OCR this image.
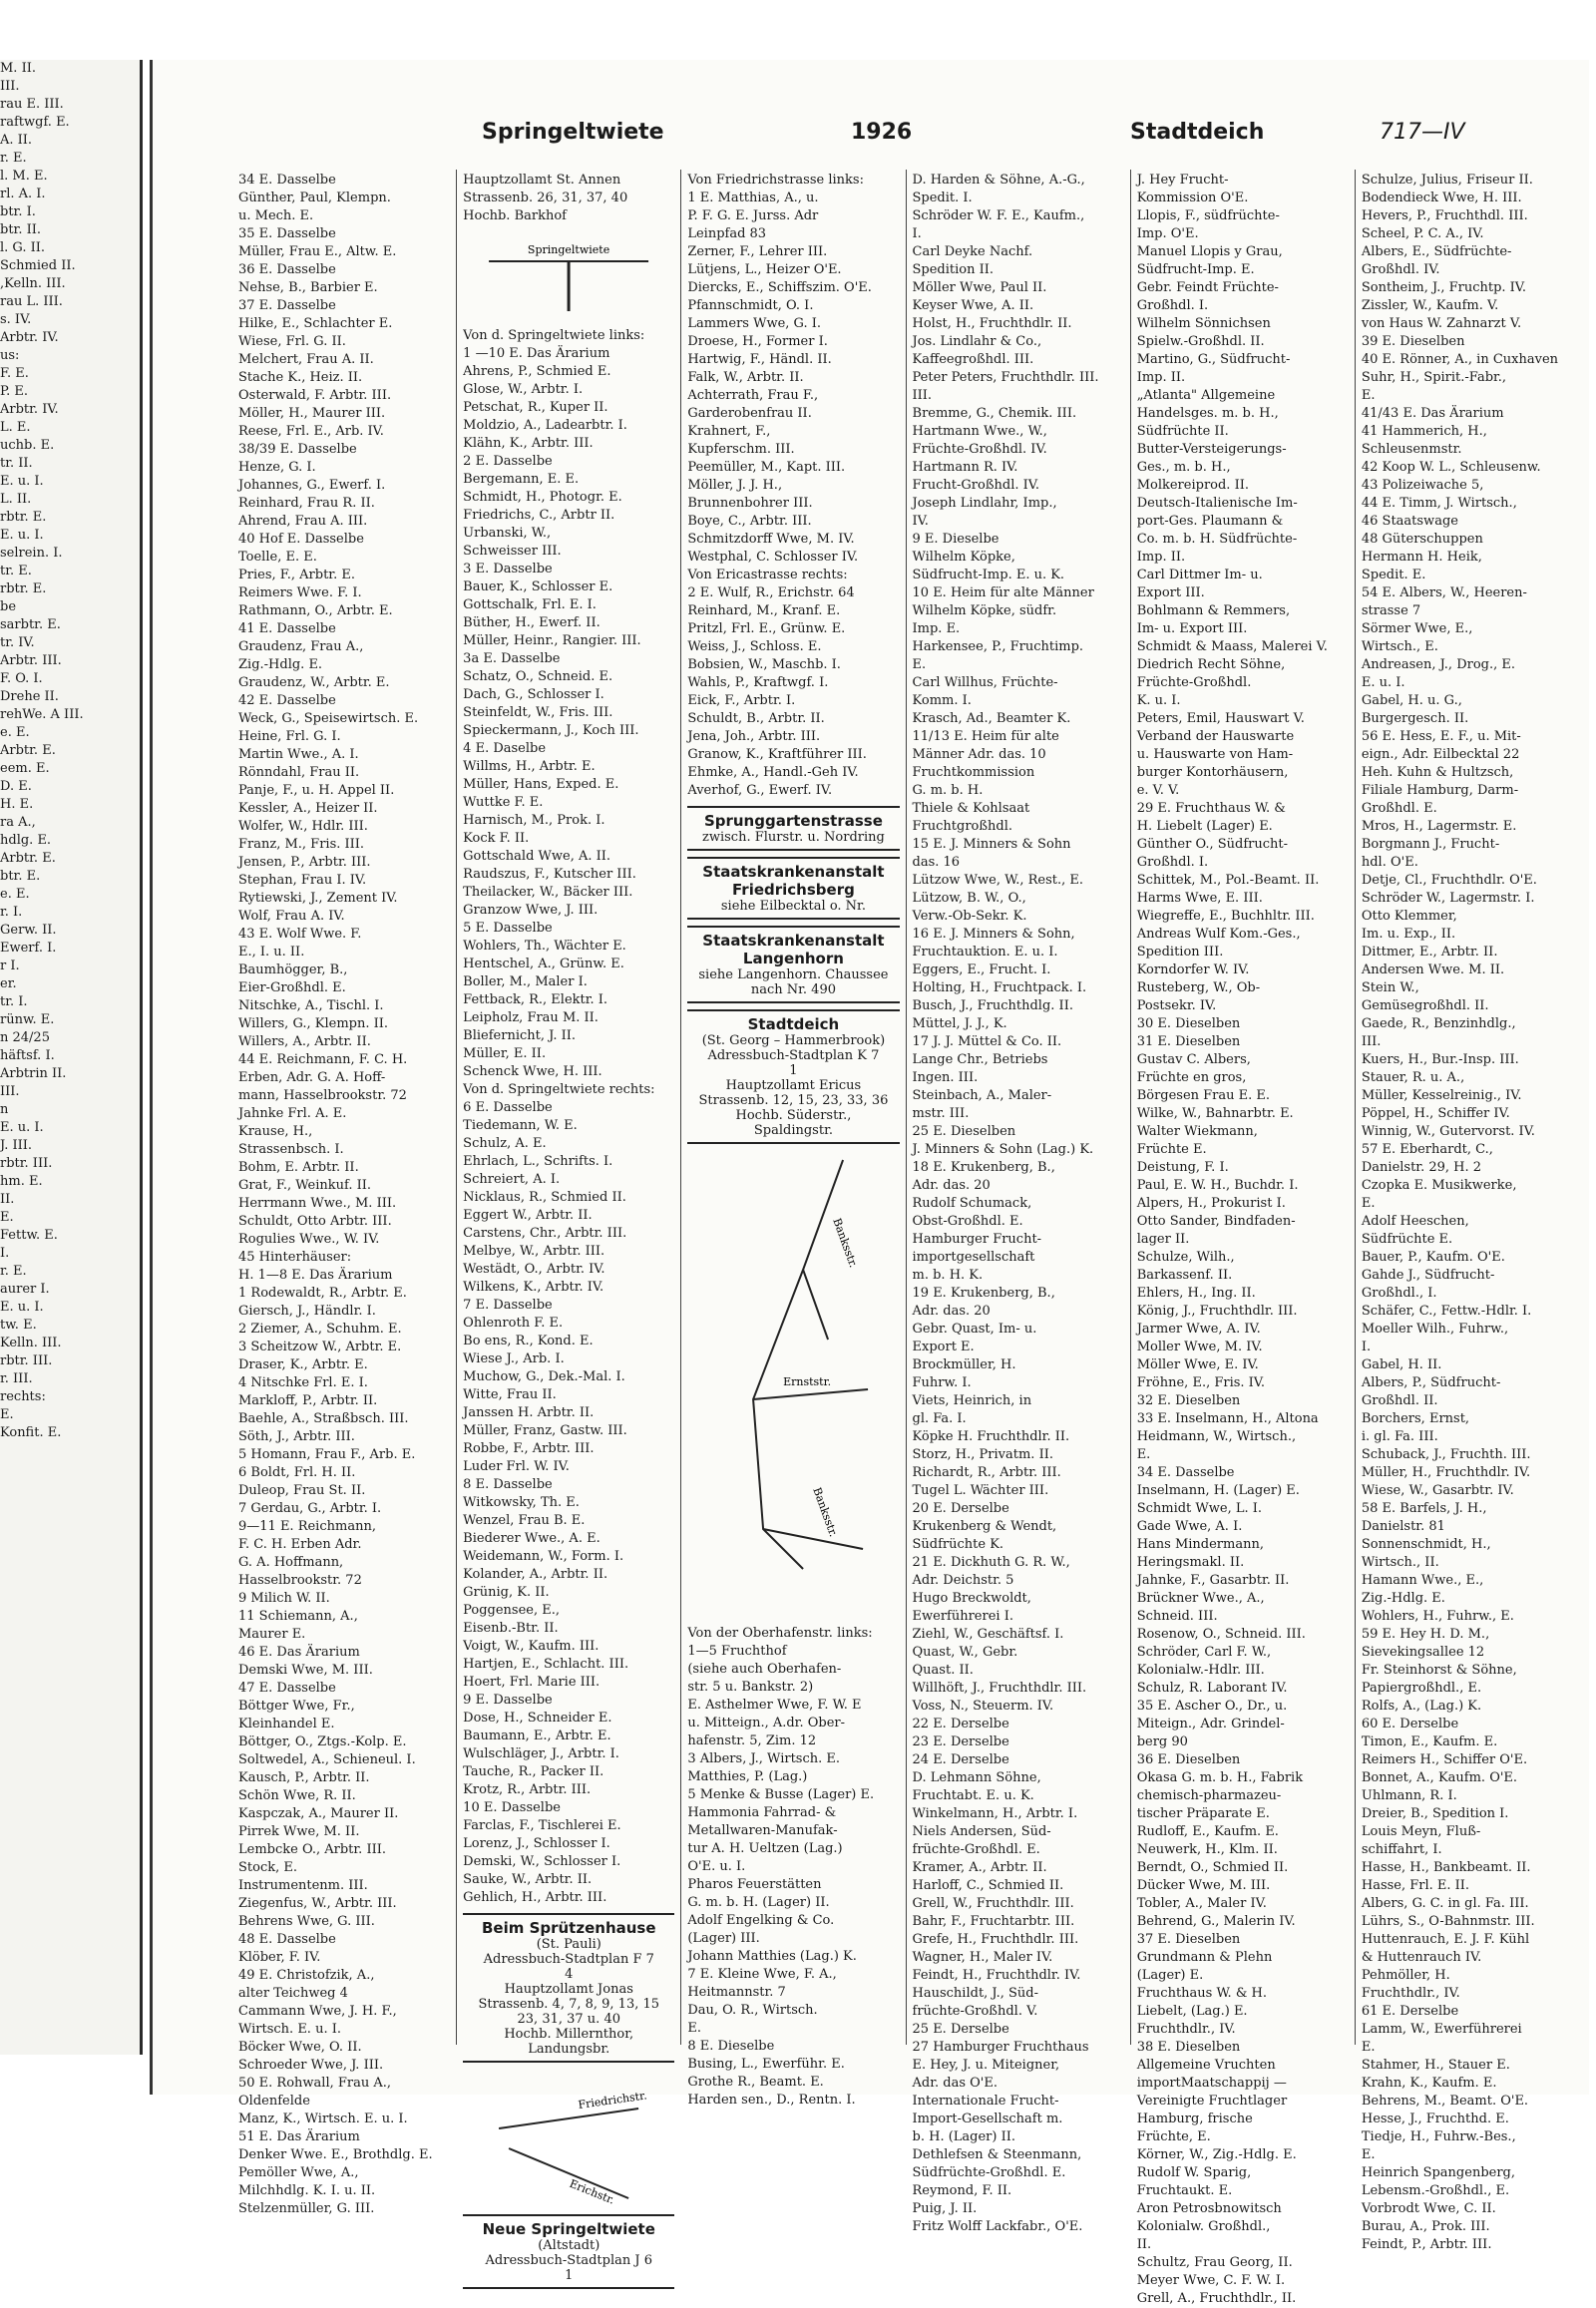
M. II.
III.
rau E. III.
raftwgf. E.
A. II.
r. E.
l. M. E.
rl. A. I.
btr. I.
btr. II.
l. G. II.
Schmied II.
,Kelln. III.
rau L. III.
s. IV.
Arbtr. IV.
us:
F. E.
P. E.
Arbtr. IV.
L. E.
uchb. E.
tr. II.
E. u. I.
L. II.
rbtr. E.
E. u. I.
selrein. I.
tr. E.
rbtr. E.
be
sarbtr. E.
tr. IV.
Arbtr. III.
F. O. I.
Drehe II.
rehWe. A III.
e. E.
Arbtr. E.
eem. E.
D. E.
H. E.
ra A.,
hdlg. E.
Arbtr. E.
btr. E.
e. E.
r. I.
Gerw. II.
Ewerf. I.
r I.
er.
tr. I.
rünw. E.
n 24/25
häftsf. I.
Arbtrin II.
III.
n
E. u. I.
J. III.
rbtr. III.
hm. E.
II.
E.
Fettw. E.
I.
r. E.
aurer I.
E. u. I.
tw. E.
Kelln. III.
rbtr. III.
r. III.
rechts:
E.
Konfit. E.
Springeltwiete	1926	Stadtdeich	717—IV
34 E. Dasselbe
Günther, Paul, Klempn.
u. Mech. E.
35 E. Dasselbe
Müller, Frau E., Altw. E.
36 E. Dasselbe
Nehse, B., Barbier E.
37 E. Dasselbe
Hilke, E., Schlachter E.
Wiese, Frl. G. II.
Melchert, Frau A. II.
Stache K., Heiz. II.
Osterwald, F. Arbtr. III.
Möller, H., Maurer III.
Reese, Frl. E., Arb. IV.
38/39 E. Dasselbe
Henze, G. I.
Johannes, G., Ewerf. I.
Reinhard, Frau R. II.
Ahrend, Frau A. III.
40 Hof E. Dasselbe
Toelle, E. E.
Pries, F., Arbtr. E.
Reimers Wwe. F. I.
Rathmann, O., Arbtr. E.
41 E. Dasselbe
Graudenz, Frau A.,
Zig.-Hdlg. E.
Graudenz, W., Arbtr. E.
42 E. Dasselbe
Weck, G., Speisewirtsch. E.
Heine, Frl. G. I.
Martin Wwe., A. I.
Rönndahl, Frau II.
Panje, F., u. H. Appel II.
Kessler, A., Heizer II.
Wolfer, W., Hdlr. III.
Franz, M., Fris. III.
Jensen, P., Arbtr. III.
Stephan, Frau I. IV.
Rytiewski, J., Zement IV.
Wolf, Frau A. IV.
43 E. Wolf Wwe. F.
E., I. u. II.
Baumhögger, B.,
Eier-Großhdl. E.
Nitschke, A., Tischl. I.
Willers, G., Klempn. II.
Willers, A., Arbtr. II.
44 E. Reichmann, F. C. H.
Erben, Adr. G. A. Hoff-
mann, Hasselbrookstr. 72
Jahnke Frl. A. E.
Krause, H.,
Strassenbsch. I.
Bohm, E. Arbtr. II.
Grat, F., Weinkuf. II.
Herrmann Wwe., M. III.
Schuldt, Otto Arbtr. III.
Rogulies Wwe., W. IV.
45 Hinterhäuser:
H. 1—8 E. Das Ärarium
1 Rodewaldt, R., Arbtr. E.
Giersch, J., Händlr. I.
2 Ziemer, A., Schuhm. E.
3 Scheitzow W., Arbtr. E.
Draser, K., Arbtr. E.
4 Nitschke Frl. E. I.
Markloff, P., Arbtr. II.
Baehle, A., Straßbsch. III.
Söth, J., Arbtr. III.
5 Homann, Frau F., Arb. E.
6 Boldt, Frl. H. II.
Duleop, Frau St. II.
7 Gerdau, G., Arbtr. I.
9—11 E. Reichmann,
F. C. H. Erben Adr.
G. A. Hoffmann,
Hasselbrookstr. 72
9 Milich W. II.
11 Schiemann, A.,
Maurer E.
46 E. Das Ärarium
Demski Wwe, M. III.
47 E. Dasselbe
Böttger Wwe, Fr.,
Kleinhandel E.
Böttger, O., Ztgs.-Kolp. E.
Soltwedel, A., Schieneul. I.
Kausch, P., Arbtr. II.
Schön Wwe, R. II.
Kaspczak, A., Maurer II.
Pirrek Wwe, M. II.
Lembcke O., Arbtr. III.
Stock, E.
Instrumentenm. III.
Ziegenfus, W., Arbtr. III.
Behrens Wwe, G. III.
48 E. Dasselbe
Klöber, F. IV.
49 E. Christofzik, A.,
alter Teichweg 4
Cammann Wwe, J. H. F.,
Wirtsch. E. u. I.
Böcker Wwe, O. II.
Schroeder Wwe, J. III.
50 E. Rohwall, Frau A.,
Oldenfelde
Manz, K., Wirtsch. E. u. I.
51 E. Das Ärarium
Denker Wwe. E., Brothdlg. E.
Pemöller Wwe, A.,
Milchhdlg. K. I. u. II.
Stelzenmüller, G. III.
Hauptzollamt St. Annen
Strassenb. 26, 31, 37, 40
Hochb. Barkhof
Springeltwiete
Von d. Springeltwiete links:
1 —10 E. Das Ärarium
Ahrens, P., Schmied E.
Glose, W., Arbtr. I.
Petschat, R., Kuper II.
Moldzio, A., Ladearbtr. I.
Klähn, K., Arbtr. III.
2 E. Dasselbe
Bergemann, E. E.
Schmidt, H., Photogr. E.
Friedrichs, C., Arbtr II.
Urbanski, W.,
Schweisser III.
3 E. Dasselbe
Bauer, K., Schlosser E.
Gottschalk, Frl. E. I.
Büther, H., Ewerf. II.
Müller, Heinr., Rangier. III.
3a E. Dasselbe
Schatz, O., Schneid. E.
Dach, G., Schlosser I.
Steinfeldt, W., Fris. III.
Spieckermann, J., Koch III.
4 E. Daselbe
Willms, H., Arbtr. E.
Müller, Hans, Exped. E.
Wuttke F. E.
Harnisch, M., Prok. I.
Kock F. II.
Gottschald Wwe, A. II.
Raudszus, F., Kutscher III.
Theilacker, W., Bäcker III.
Granzow Wwe, J. III.
5 E. Dasselbe
Wohlers, Th., Wächter E.
Hentschel, A., Grünw. E.
Boller, M., Maler I.
Fettback, R., Elektr. I.
Leipholz, Frau M. II.
Bliefernicht, J. II.
Müller, E. II.
Schenck Wwe, H. III.
Von d. Springeltwiete rechts:
6 E. Dasselbe
Tiedemann, W. E.
Schulz, A. E.
Ehrlach, L., Schrifts. I.
Schreiert, A. I.
Nicklaus, R., Schmied II.
Eggert W., Arbtr. II.
Carstens, Chr., Arbtr. III.
Melbye, W., Arbtr. III.
Westädt, O., Arbtr. IV.
Wilkens, K., Arbtr. IV.
7 E. Dasselbe
Ohlenroth F. E.
Bo ens, R., Kond. E.
Wiese J., Arb. I.
Muchow, G., Dek.-Mal. I.
Witte, Frau II.
Janssen H. Arbtr. II.
Müller, Franz, Gastw. III.
Robbe, F., Arbtr. III.
Luder Frl. W. IV.
8 E. Dasselbe
Witkowsky, Th. E.
Wenzel, Frau B. E.
Biederer Wwe., A. E.
Weidemann, W., Form. I.
Kolander, A., Arbtr. II.
Grünig, K. II.
Poggensee, E.,
Eisenb.-Btr. II.
Voigt, W., Kaufm. III.
Hartjen, E., Schlacht. III.
Hoert, Frl. Marie III.
9 E. Dasselbe
Dose, H., Schneider E.
Baumann, E., Arbtr. E.
Wulschläger, J., Arbtr. I.
Tauche, R., Packer II.
Krotz, R., Arbtr. III.
10 E. Dasselbe
Farclas, F., Tischlerei E.
Lorenz, J., Schlosser I.
Demski, W., Schlosser I.
Sauke, W., Arbtr. II.
Gehlich, H., Arbtr. III.
Beim Sprützenhause
(St. Pauli)
Adressbuch-Stadtplan F 7
4
Hauptzollamt Jonas
Strassenb. 4, 7, 8, 9, 13, 15
23, 31, 37 u. 40
Hochb. Millernthor,
Landungsbr.
Friedrichstr.
Erichstr.
Neue Springeltwiete
(Altstadt)
Adressbuch-Stadtplan J 6
1
Von Friedrichstrasse links:
1 E. Matthias, A., u.
P. F. G. E. Jurss. Adr
Leinpfad 83
Zerner, F., Lehrer III.
Lütjens, L., Heizer O'E.
Diercks, E., Schiffszim. O'E.
Pfannschmidt, O. I.
Lammers Wwe, G. I.
Droese, H., Former I.
Hartwig, F., Händl. II.
Falk, W., Arbtr. II.
Achterrath, Frau F.,
Garderobenfrau II.
Krahnert, F.,
Kupferschm. III.
Peemüller, M., Kapt. III.
Möller, J. J. H.,
Brunnenbohrer III.
Boye, C., Arbtr. III.
Schmitzdorff Wwe, M. IV.
Westphal, C. Schlosser IV.
Von Ericastrasse rechts:
2 E. Wulf, R., Erichstr. 64
Reinhard, M., Kranf. E.
Pritzl, Frl. E., Grünw. E.
Weiss, J., Schloss. E.
Bobsien, W., Maschb. I.
Wahls, P., Kraftwgf. I.
Eick, F., Arbtr. I.
Schuldt, B., Arbtr. II.
Jena, Joh., Arbtr. III.
Granow, K., Kraftführer III.
Ehmke, A., Handl.-Geh IV.
Averhof, G., Ewerf. IV.
Sprunggartenstrasse
zwisch. Flurstr. u. Nordring
Staatskrankenanstalt Friedrichsberg
siehe Eilbecktal o. Nr.
Staatskrankenanstalt Langenhorn
siehe Langenhorn. Chaussee
nach Nr. 490
Stadtdeich
(St. Georg – Hammerbrook)
Adressbuch-Stadtplan K 7
1
Hauptzollamt Ericus
Strassenb. 12, 15, 23, 33, 36
Hochb. Süderstr.,
Spaldingstr.
Banksstr.
Ernststr.
Banksstr.
Von der Oberhafenstr. links:
1—5 Fruchthof
(siehe auch Oberhafen-
str. 5 u. Bankstr. 2)
E. Asthelmer Wwe, F. W. E
u. Mitteign., A.dr. Ober-
hafenstr. 5, Zim. 12
3 Albers, J., Wirtsch. E.
Matthies, P. (Lag.)
5 Menke & Busse (Lager) E.
Hammonia Fahrrad- &
Metallwaren-Manufak-
tur A. H. Ueltzen (Lag.)
O'E. u. I.
Pharos Feuerstätten
G. m. b. H. (Lager) II.
Adolf Engelking & Co.
(Lager) III.
Johann Matthies (Lag.) K.
7 E. Kleine Wwe, F. A.,
Heitmannstr. 7
Dau, O. R., Wirtsch.
E.
8 E. Dieselbe
Busing, L., Ewerführ. E.
Grothe R., Beamt. E.
Harden sen., D., Rentn. I.
D. Harden & Söhne, A.-G.,
Spedit. I.
Schröder W. F. E., Kaufm.,
I.
Carl Deyke Nachf.
Spedition II.
Möller Wwe, Paul II.
Keyser Wwe, A. II.
Holst, H., Fruchthdlr. II.
Jos. Lindlahr & Co.,
Kaffeegroßhdl. III.
Peter Peters, Fruchthdlr. III.
III.
Bremme, G., Chemik. III.
Hartmann Wwe., W.,
Früchte-Großhdl. IV.
Hartmann R. IV.
Frucht-Großhdl. IV.
Joseph Lindlahr, Imp.,
IV.
9 E. Dieselbe
Wilhelm Köpke,
Südfrucht-Imp. E. u. K.
10 E. Heim für alte Männer
Wilhelm Köpke, südfr.
Imp. E.
Harkensee, P., Fruchtimp.
E.
Carl Willhus, Früchte-
Komm. I.
Krasch, Ad., Beamter K.
11/13 E. Heim für alte
Männer Adr. das. 10
Fruchtkommission
G. m. b. H.
Thiele & Kohlsaat
Fruchtgroßhdl.
15 E. J. Minners & Sohn
das. 16
Lützow Wwe, W., Rest., E.
Lützow, B. W., O.,
Verw.-Ob-Sekr. K.
16 E. J. Minners & Sohn,
Fruchtauktion. E. u. I.
Eggers, E., Frucht. I.
Holting, H., Fruchtpack. I.
Busch, J., Fruchthdlg. II.
Müttel, J. J., K.
17 J. J. Müttel & Co. II.
Lange Chr., Betriebs
Ingen. III.
Steinbach, A., Maler-
mstr. III.
25 E. Dieselben
J. Minners & Sohn (Lag.) K.
18 E. Krukenberg, B.,
Adr. das. 20
Rudolf Schumack,
Obst-Großhdl. E.
Hamburger Frucht-
importgesellschaft
m. b. H. K.
19 E. Krukenberg, B.,
Adr. das. 20
Gebr. Quast, Im- u.
Export E.
Brockmüller, H.
Fuhrw. I.
Viets, Heinrich, in
gl. Fa. I.
Köpke H. Fruchthdlr. II.
Storz, H., Privatm. II.
Richardt, R., Arbtr. III.
Tugel L. Wächter III.
20 E. Derselbe
Krukenberg & Wendt,
Südfrüchte K.
21 E. Dickhuth G. R. W.,
Adr. Deichstr. 5
Hugo Breckwoldt,
Ewerführerei I.
Ziehl, W., Geschäftsf. I.
Quast, W., Gebr.
Quast. II.
Willhöft, J., Fruchthdlr. III.
Voss, N., Steuerm. IV.
22 E. Derselbe
23 E. Derselbe
24 E. Derselbe
D. Lehmann Söhne,
Fruchtabt. E. u. K.
Winkelmann, H., Arbtr. I.
Niels Andersen, Süd-
früchte-Großhdl. E.
Kramer, A., Arbtr. II.
Harloff, C., Schmied II.
Grell, W., Fruchthdlr. III.
Bahr, F., Fruchtarbtr. III.
Grefe, H., Fruchthdlr. III.
Wagner, H., Maler IV.
Feindt, H., Fruchthdlr. IV.
Hauschildt, J., Süd-
früchte-Großhdl. V.
25 E. Derselbe
27 Hamburger Fruchthaus
E. Hey, J. u. Miteigner,
Adr. das O'E.
Internationale Frucht-
Import-Gesellschaft m.
b. H. (Lager) II.
Dethlefsen & Steenmann,
Südfrüchte-Großhdl. E.
Reymond, F. II.
Puig, J. II.
Fritz Wolff Lackfabr., O'E.
J. Hey Frucht-
Kommission O'E.
Llopis, F., südfrüchte-
Imp. O'E.
Manuel Llopis y Grau,
Südfrucht-Imp. E.
Gebr. Feindt Früchte-
Großhdl. I.
Wilhelm Sönnichsen
Spielw.-Großhdl. II.
Martino, G., Südfrucht-
Imp. II.
„Atlanta" Allgemeine
Handelsges. m. b. H.,
Südfrüchte II.
Butter-Versteigerungs-
Ges., m. b. H.,
Molkereiprod. II.
Deutsch-Italienische Im-
port-Ges. Plaumann &
Co. m. b. H. Südfrüchte-
Imp. II.
Carl Dittmer Im- u.
Export III.
Bohlmann & Remmers,
Im- u. Export III.
Schmidt & Maass, Malerei V.
Diedrich Recht Söhne,
Früchte-Großhdl.
K. u. I.
Peters, Emil, Hauswart V.
Verband der Hauswarte
u. Hauswarte von Ham-
burger Kontorhäusern,
e. V. V.
29 E. Fruchthaus W. &
H. Liebelt (Lager) E.
Günther O., Südfrucht-
Großhdl. I.
Schittek, M., Pol.-Beamt. II.
Harms Wwe, E. III.
Wiegreffe, E., Buchhltr. III.
Andreas Wulf Kom.-Ges.,
Spedition III.
Korndorfer W. IV.
Rusteberg, W., Ob-
Postsekr. IV.
30 E. Dieselben
31 E. Dieselben
Gustav C. Albers,
Früchte en gros,
Börgesen Frau E. E.
Wilke, W., Bahnarbtr. E.
Walter Wiekmann,
Früchte E.
Deistung, F. I.
Paul, E. W. H., Buchdr. I.
Alpers, H., Prokurist I.
Otto Sander, Bindfaden-
lager II.
Schulze, Wilh.,
Barkassenf. II.
Ehlers, H., Ing. II.
König, J., Fruchthdlr. III.
Jarmer Wwe, A. IV.
Moller Wwe, M. IV.
Möller Wwe, E. IV.
Fröhne, E., Fris. IV.
32 E. Dieselben
33 E. Inselmann, H., Altona
Heidmann, W., Wirtsch.,
E.
34 E. Dasselbe
Inselmann, H. (Lager) E.
Schmidt Wwe, L. I.
Gade Wwe, A. I.
Hans Mindermann,
Heringsmakl. II.
Jahnke, F., Gasarbtr. II.
Brückner Wwe., A.,
Schneid. III.
Rosenow, O., Schneid. III.
Schröder, Carl F. W.,
Kolonialw.-Hdlr. III.
Schulz, R. Laborant IV.
35 E. Ascher O., Dr., u.
Miteign., Adr. Grindel-
berg 90
36 E. Dieselben
Okasa G. m. b. H., Fabrik
chemisch-pharmazeu-
tischer Präparate E.
Rudloff, E., Kaufm. E.
Neuwerk, H., Klm. II.
Berndt, O., Schmied II.
Dücker Wwe, M. III.
Tobler, A., Maler IV.
Behrend, G., Malerin IV.
37 E. Dieselben
Grundmann & Plehn
(Lager) E.
Fruchthaus W. & H.
Liebelt, (Lag.) E.
Fruchthdlr., IV.
38 E. Dieselben
Allgemeine Vruchten
importMaatschappij —
Vereinigte Fruchtlager
Hamburg, frische
Früchte, E.
Körner, W., Zig.-Hdlg. E.
Rudolf W. Sparig,
Fruchtaukt. E.
Aron Petrosbnowitsch
Kolonialw. Großhdl.,
II.
Schultz, Frau Georg, II.
Meyer Wwe, C. F. W. I.
Grell, A., Fruchthdlr., II.
Schulze, Julius, Friseur II.
Bodendieck Wwe, H. III.
Hevers, P., Fruchthdl. III.
Scheel, P. C. A., IV.
Albers, E., Südfrüchte-
Großhdl. IV.
Sontheim, J., Fruchtp. IV.
Zissler, W., Kaufm. V.
von Haus W. Zahnarzt V.
39 E. Dieselben
40 E. Rönner, A., in Cuxhaven
Suhr, H., Spirit.-Fabr.,
E.
41/43 E. Das Ärarium
41 Hammerich, H.,
Schleusenmstr.
42 Koop W. L., Schleusenw.
43 Polizeiwache 5,
44 E. Timm, J. Wirtsch.,
46 Staatswage
48 Güterschuppen
Hermann H. Heik,
Spedit. E.
54 E. Albers, W., Heeren-
strasse 7
Sörmer Wwe, E.,
Wirtsch., E.
Andreasen, J., Drog., E.
E. u. I.
Gabel, H. u. G.,
Burgergesch. II.
56 E. Hess, E. F., u. Mit-
eign., Adr. Eilbecktal 22
Heh. Kuhn & Hultzsch,
Filiale Hamburg, Darm-
Großhdl. E.
Mros, H., Lagermstr. E.
Borgmann J., Frucht-
hdl. O'E.
Detje, Cl., Fruchthdlr. O'E.
Schröder W., Lagermstr. I.
Otto Klemmer,
Im. u. Exp., II.
Dittmer, E., Arbtr. II.
Andersen Wwe. M. II.
Stein W.,
Gemüsegroßhdl. II.
Gaede, R., Benzinhdlg.,
III.
Kuers, H., Bur.-Insp. III.
Stauer, R. u. A.,
Müller, Kesselreinig., IV.
Pöppel, H., Schiffer IV.
Winnig, W., Gutervorst. IV.
57 E. Eberhardt, C.,
Danielstr. 29, H. 2
Czopka E. Musikwerke,
E.
Adolf Heeschen,
Südfrüchte E.
Bauer, P., Kaufm. O'E.
Gahde J., Südfrucht-
Großhdl., I.
Schäfer, C., Fettw.-Hdlr. I.
Moeller Wilh., Fuhrw.,
I.
Gabel, H. II.
Albers, P., Südfrucht-
Großhdl. II.
Borchers, Ernst,
i. gl. Fa. III.
Schuback, J., Fruchth. III.
Müller, H., Fruchthdlr. IV.
Wiese, W., Gasarbtr. IV.
58 E. Barfels, J. H.,
Danielstr. 81
Sonnenschmidt, H.,
Wirtsch., II.
Hamann Wwe., E.,
Zig.-Hdlg. E.
Wohlers, H., Fuhrw., E.
59 E. Hey H. D. M.,
Sievekingsallee 12
Fr. Steinhorst & Söhne,
Papiergroßhdl., E.
Rolfs, A., (Lag.) K.
60 E. Derselbe
Timon, E., Kaufm. E.
Reimers H., Schiffer O'E.
Bonnet, A., Kaufm. O'E.
Uhlmann, R. I.
Dreier, B., Spedition I.
Louis Meyn, Fluß-
schiffahrt, I.
Hasse, H., Bankbeamt. II.
Hasse, Frl. E. II.
Albers, G. C. in gl. Fa. III.
Lührs, S., O-Bahnmstr. III.
Huttenrauch, E. J. F. Kühl
& Huttenrauch IV.
Pehmöller, H.
Fruchthdlr., IV.
61 E. Derselbe
Lamm, W., Ewerführerei
E.
Stahmer, H., Stauer E.
Krahn, K., Kaufm. E.
Behrens, M., Beamt. O'E.
Hesse, J., Fruchthd. E.
Tiedje, H., Fuhrw.-Bes.,
E.
Heinrich Spangenberg,
Lebensm.-Großhdl., E.
Vorbrodt Wwe, C. II.
Burau, A., Prok. III.
Feindt, P., Arbtr. III.
